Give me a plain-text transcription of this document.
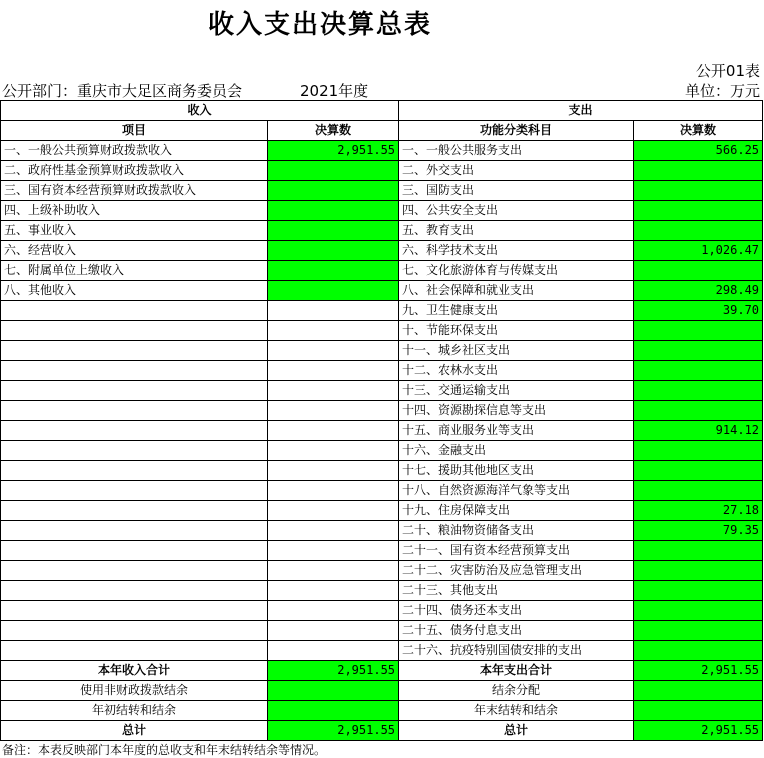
收入支出决算总表
公开01表
公开部门：重庆市大足区商务委员会	2021年度	单位：万元
收入		支出	
项目	决算数	功能分类科目	决算数
一、一般公共预算财政拨款收入	2,951.55	一、一般公共服务支出	566.25
二、政府性基金预算财政拨款收入		二、外交支出	
三、国有资本经营预算财政拨款收入		三、国防支出	
四、上级补助收入		四、公共安全支出	
五、事业收入		五、教育支出	
六、经营收入		六、科学技术支出	1,026.47
七、附属单位上缴收入		七、文化旅游体育与传媒支出	
八、其他收入		八、社会保障和就业支出	298.49
		九、卫生健康支出	39.70
		十、节能环保支出	
		十一、城乡社区支出	
		十二、农林水支出	
		十三、交通运输支出	
		十四、资源勘探信息等支出	
		十五、商业服务业等支出	914.12
		十六、金融支出	
		十七、援助其他地区支出	
		十八、自然资源海洋气象等支出	
		十九、住房保障支出	27.18
		二十、粮油物资储备支出	79.35
		二十一、国有资本经营预算支出	
		二十二、灾害防治及应急管理支出	
		二十三、其他支出	
		二十四、债务还本支出	
		二十五、债务付息支出	
		二十六、抗疫特别国债安排的支出	
本年收入合计	2,951.55	本年支出合计	2,951.55
使用非财政拨款结余		结余分配	
年初结转和结余		年末结转和结余	
总计	2,951.55	总计	2,951.55
备注：本表反映部门本年度的总收支和年末结转结余等情况。
